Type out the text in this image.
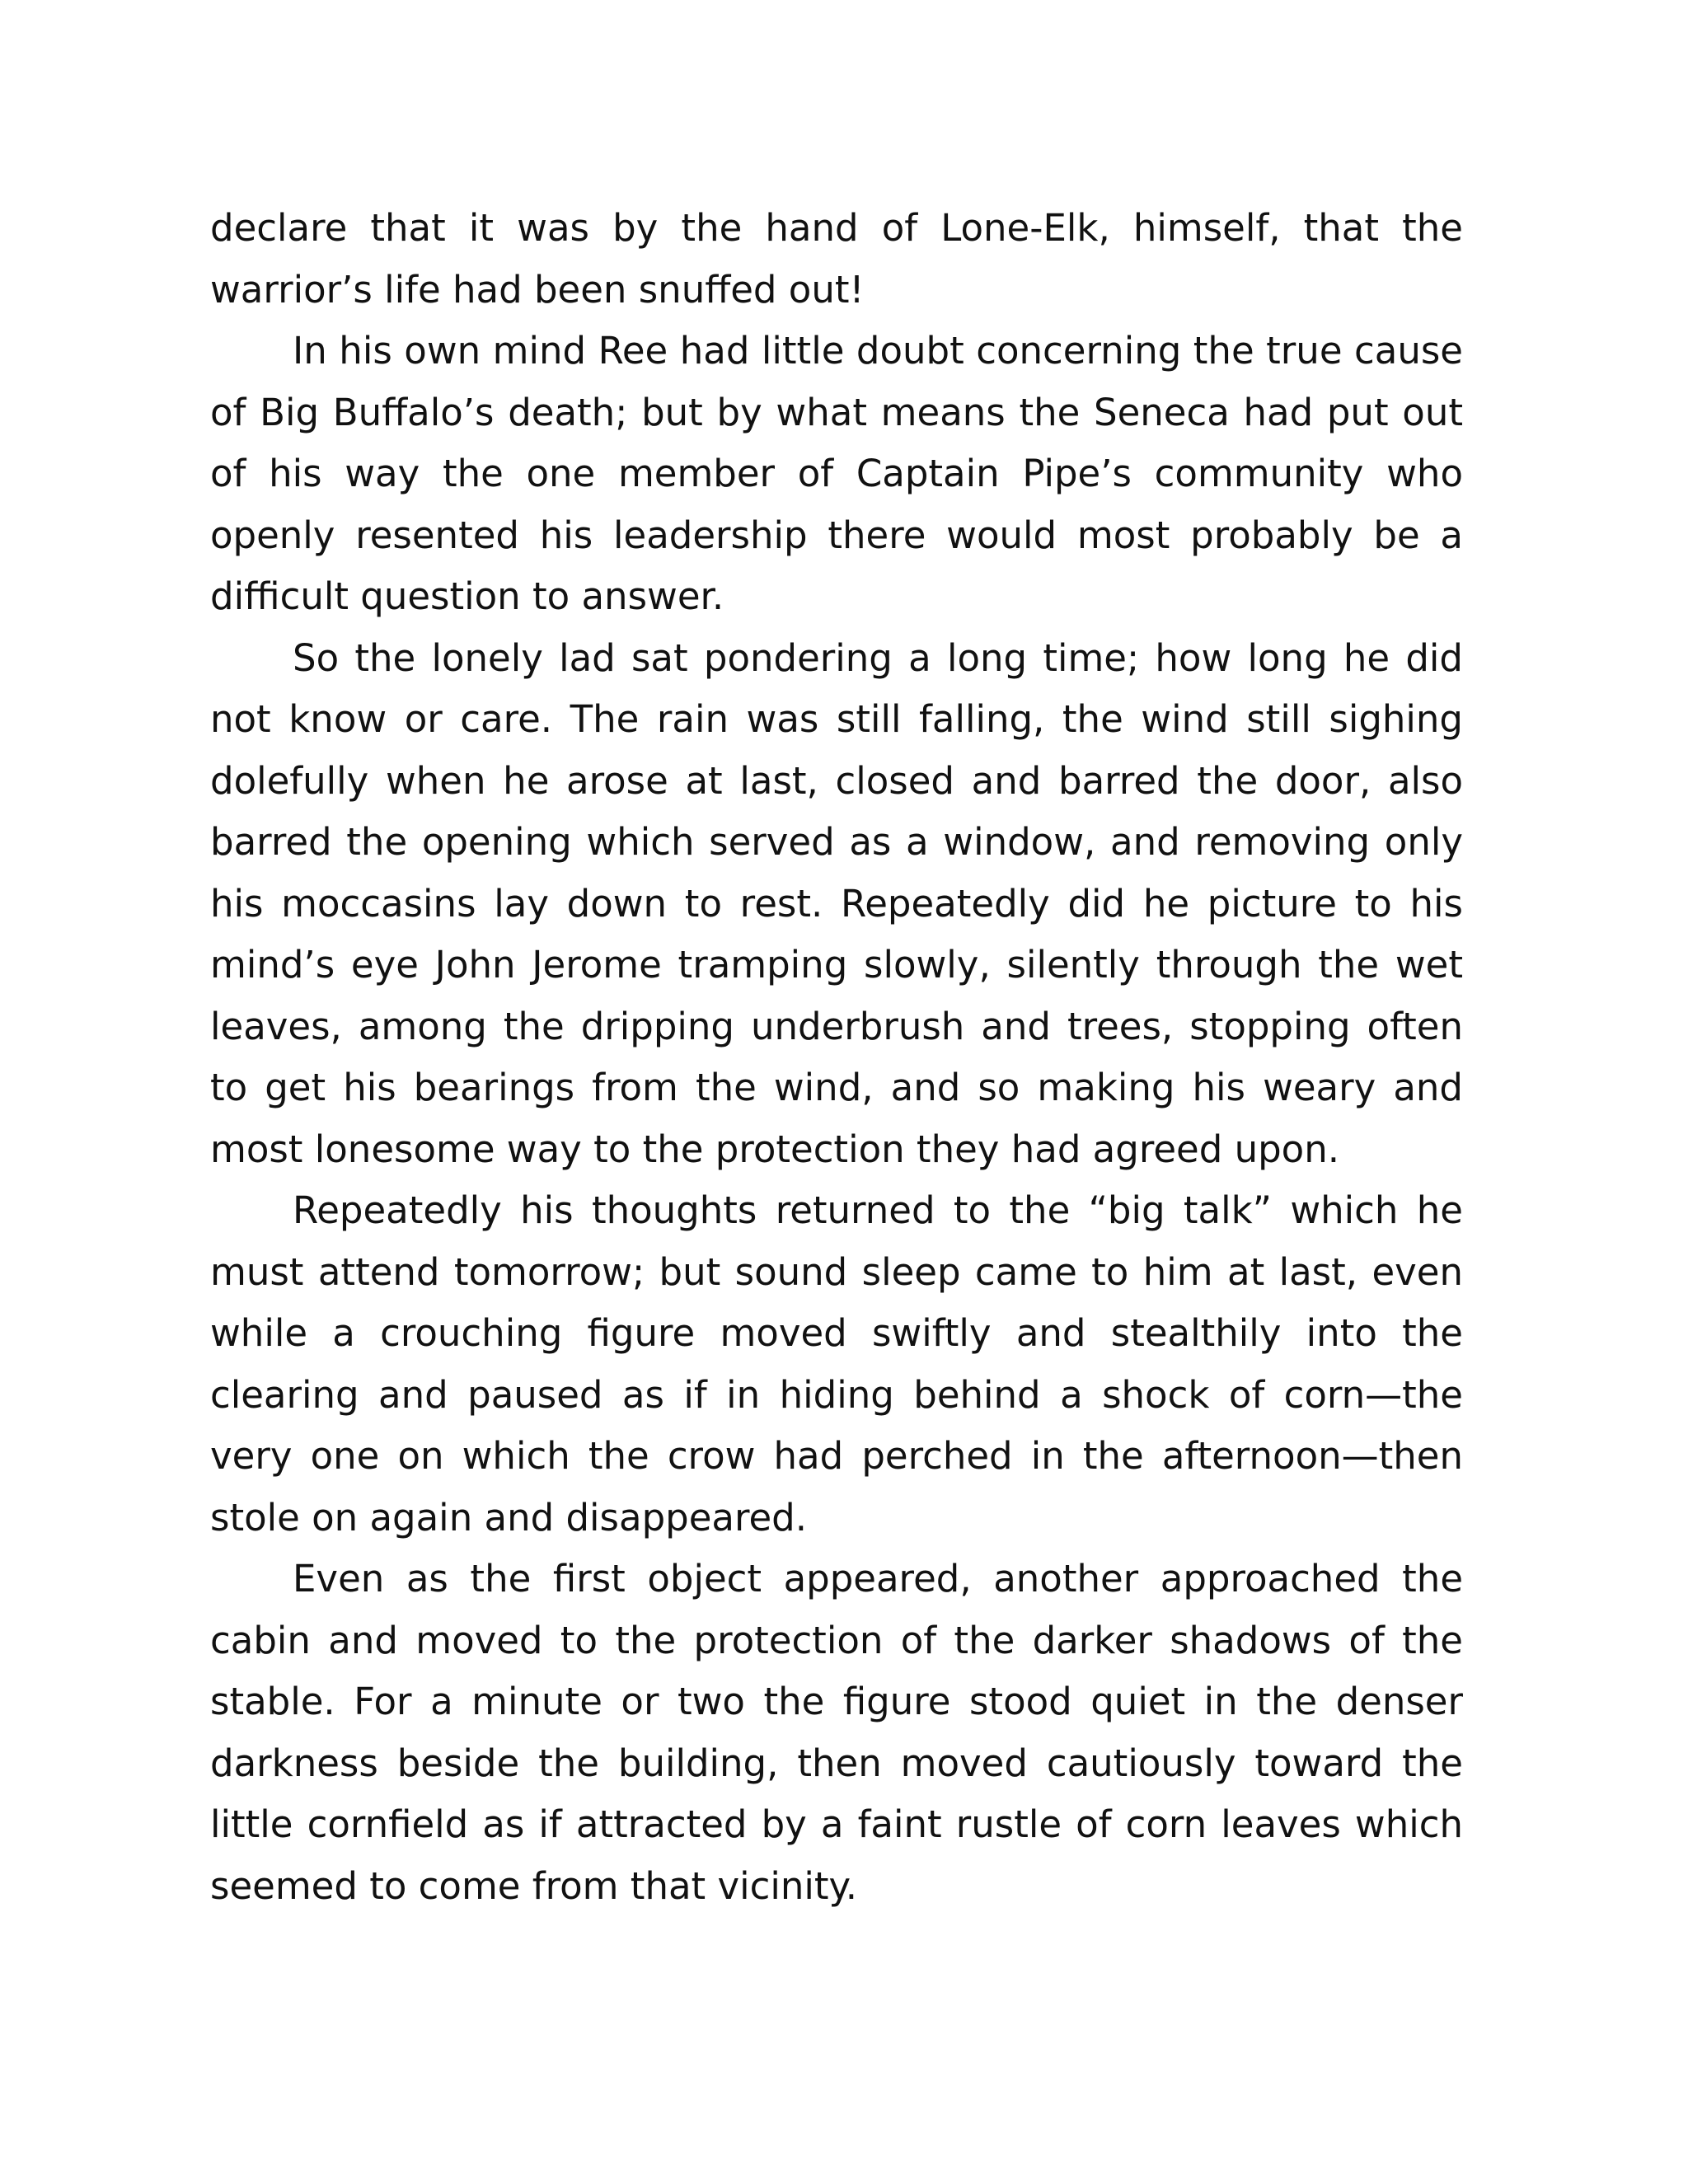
declare that it was by the hand of Lone-Elk, himself, that the warrior’s life had been snuffed out!

In his own mind Ree had little doubt concerning the true cause of Big Buffalo’s death; but by what means the Seneca had put out of his way the one member of Captain Pipe’s community who openly resented his leadership there would most probably be a difficult question to answer.

So the lonely lad sat pondering a long time; how long he did not know or care. The rain was still falling, the wind still sighing dolefully when he arose at last, closed and barred the door, also barred the opening which served as a window, and removing only his moccasins lay down to rest. Repeatedly did he picture to his mind’s eye John Jerome tramping slowly, silently through the wet leaves, among the dripping underbrush and trees, stopping often to get his bearings from the wind, and so making his weary and most lonesome way to the protection they had agreed upon.

Repeatedly his thoughts returned to the “big talk” which he must attend tomorrow; but sound sleep came to him at last, even while a crouching figure moved swiftly and stealthily into the clearing and paused as if in hiding behind a shock of corn—the very one on which the crow had perched in the afternoon—then stole on again and disappeared.

Even as the first object appeared, another approached the cabin and moved to the protection of the darker shadows of the stable. For a minute or two the figure stood quiet in the denser darkness beside the building, then moved cautiously toward the little cornfield as if attracted by a faint rustle of corn leaves which seemed to come from that vicinity.
